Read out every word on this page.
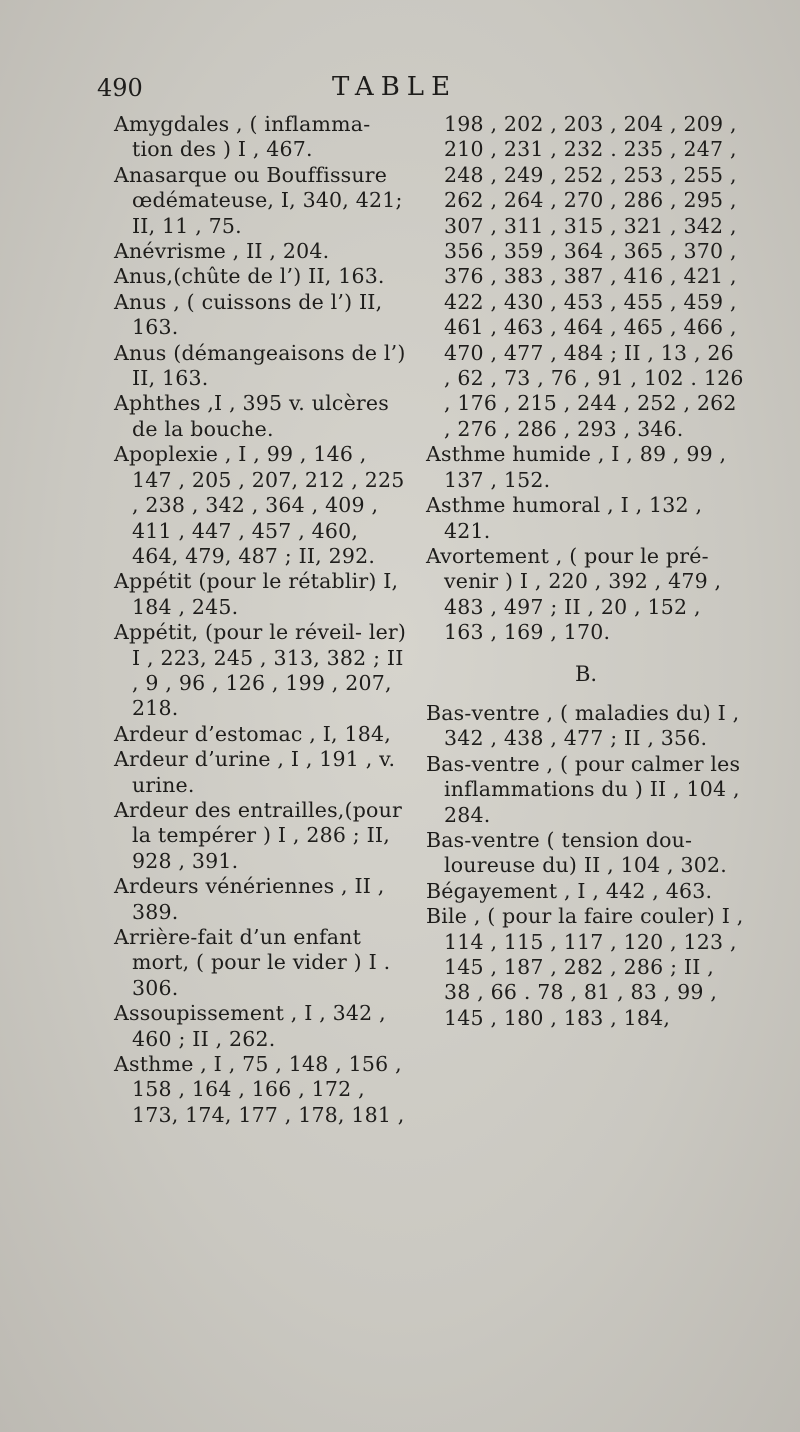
490	TABLE

Amygdales , ( inflamma- tion des ) I , 467.

Anasarque ou Bouffissure œdémateuse, I, 340, 421; II, 11 , 75.

Anévrisme , II , 204.

Anus,(chûte de l’) II, 163.

Anus , ( cuissons de l’) II, 163.

Anus (démangeaisons de l’) II, 163.

Aphthes ,I , 395 v. ulcères de la bouche.

Apoplexie , I , 99 , 146 , 147 , 205 , 207, 212 , 225 , 238 , 342 , 364 , 409 , 411 , 447 , 457 , 460, 464, 479, 487 ; II, 292.

Appétit (pour le rétablir) I, 184 , 245.

Appétit, (pour le réveil- ler) I , 223, 245 , 313, 382 ; II , 9 , 96 , 126 , 199 , 207, 218.

Ardeur d’estomac , I, 184,

Ardeur d’urine , I , 191 , v. urine.

Ardeur des entrailles,(pour la tempérer ) I , 286 ; II, 928 , 391.

Ardeurs vénériennes , II , 389.

Arrière-fait d’un enfant mort, ( pour le vider ) I . 306.

Assoupissement , I , 342 , 460 ; II , 262.

Asthme , I , 75 , 148 , 156 , 158 , 164 , 166 , 172 , 173, 174, 177 , 178, 181 ,

198 , 202 , 203 , 204 , 209 , 210 , 231 , 232 . 235 , 247 , 248 , 249 , 252 , 253 , 255 , 262 , 264 , 270 , 286 , 295 , 307 , 311 , 315 , 321 , 342 , 356 , 359 , 364 , 365 , 370 , 376 , 383 , 387 , 416 , 421 , 422 , 430 , 453 , 455 , 459 , 461 , 463 , 464 , 465 , 466 , 470 , 477 , 484 ; II , 13 , 26 , 62 , 73 , 76 , 91 , 102 . 126 , 176 , 215 , 244 , 252 , 262 , 276 , 286 , 293 , 346.

Asthme humide , I , 89 , 99 , 137 , 152.

Asthme humoral , I , 132 , 421.

Avortement , ( pour le pré- venir ) I , 220 , 392 , 479 , 483 , 497 ; II , 20 , 152 , 163 , 169 , 170.

B.

Bas-ventre , ( maladies du) I , 342 , 438 , 477 ; II , 356.

Bas-ventre , ( pour calmer les inflammations du ) II , 104 , 284.

Bas-ventre ( tension dou- loureuse du) II , 104 , 302.

Bégayement , I , 442 , 463.

Bile , ( pour la faire couler) I , 114 , 115 , 117 , 120 , 123 , 145 , 187 , 282 , 286 ; II , 38 , 66 . 78 , 81 , 83 , 99 , 145 , 180 , 183 , 184,
